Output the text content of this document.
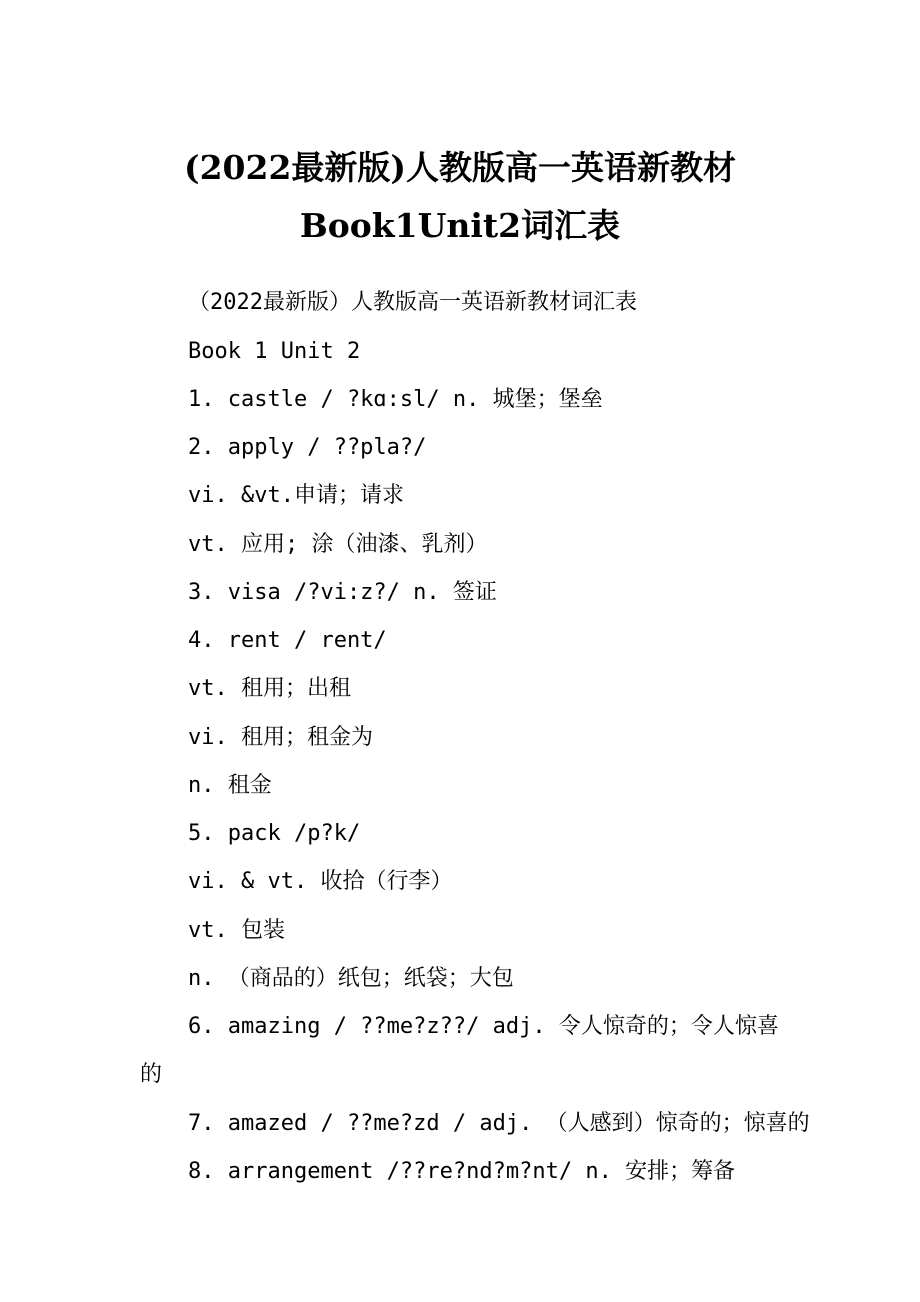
(2022最新版)人教版高一英语新教材
Book1Unit2词汇表
（2022最新版）人教版高一英语新教材词汇表
Book 1 Unit 2
1. castle / ?kɑ:sl/ n. 城堡；堡垒
2. apply / ??pla?/
vi. &vt.申请；请求
vt. 应用; 涂（油漆、乳剂）
3. visa /?vi:z?/ n. 签证
4. rent / rent/
vt. 租用；出租
vi. 租用；租金为
n. 租金
5. pack /p?k/
vi. & vt. 收拾（行李）
vt. 包装
n. （商品的）纸包；纸袋；大包
6. amazing / ??me?z??/ adj. 令人惊奇的；令人惊喜
的
7. amazed / ??me?zd / adj. （人感到）惊奇的；惊喜的
8. arrangement /??re?nd?m?nt/ n. 安排；筹备
